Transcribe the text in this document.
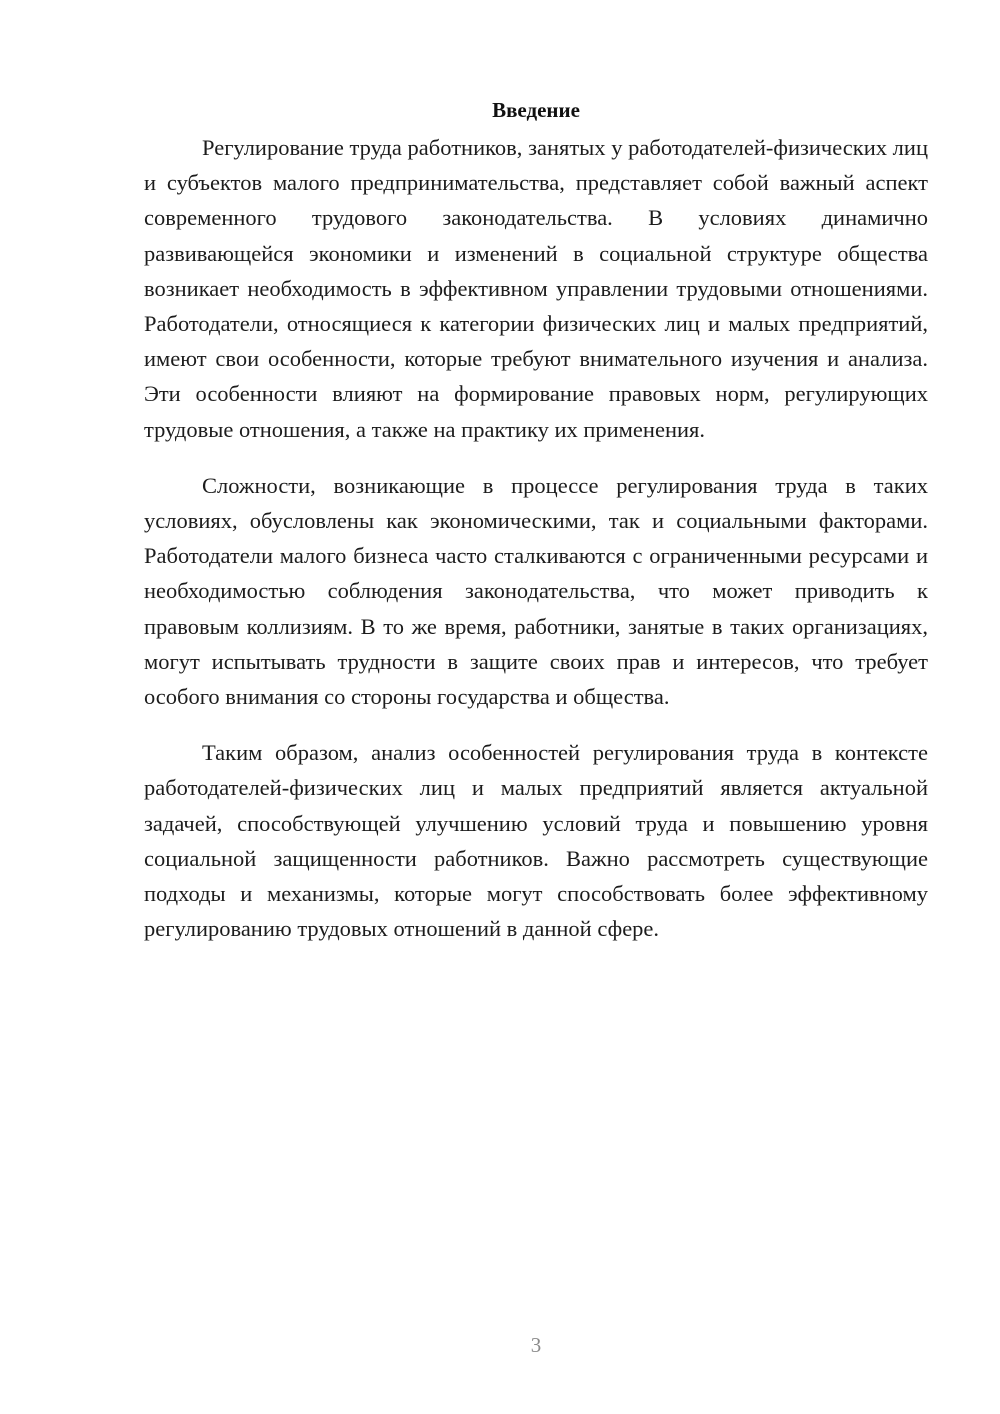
Введение

Регулирование труда работников, занятых у работодателей-физических лиц и субъектов малого предпринимательства, представляет собой важный аспект современного трудового законодательства. В условиях динамично развивающейся экономики и изменений в социальной структуре общества возникает необходимость в эффективном управлении трудовыми отношениями. Работодатели, относящиеся к категории физических лиц и малых предприятий, имеют свои особенности, которые требуют внимательного изучения и анализа. Эти особенности влияют на формирование правовых норм, регулирующих трудовые отношения, а также на практику их применения.

Сложности, возникающие в процессе регулирования труда в таких условиях, обусловлены как экономическими, так и социальными факторами. Работодатели малого бизнеса часто сталкиваются с ограниченными ресурсами и необходимостью соблюдения законодательства, что может приводить к правовым коллизиям. В то же время, работники, занятые в таких организациях, могут испытывать трудности в защите своих прав и интересов, что требует особого внимания со стороны государства и общества.

Таким образом, анализ особенностей регулирования труда в контексте работодателей-физических лиц и малых предприятий является актуальной задачей, способствующей улучшению условий труда и повышению уровня социальной защищенности работников. Важно рассмотреть существующие подходы и механизмы, которые могут способствовать более эффективному регулированию трудовых отношений в данной сфере.

3
